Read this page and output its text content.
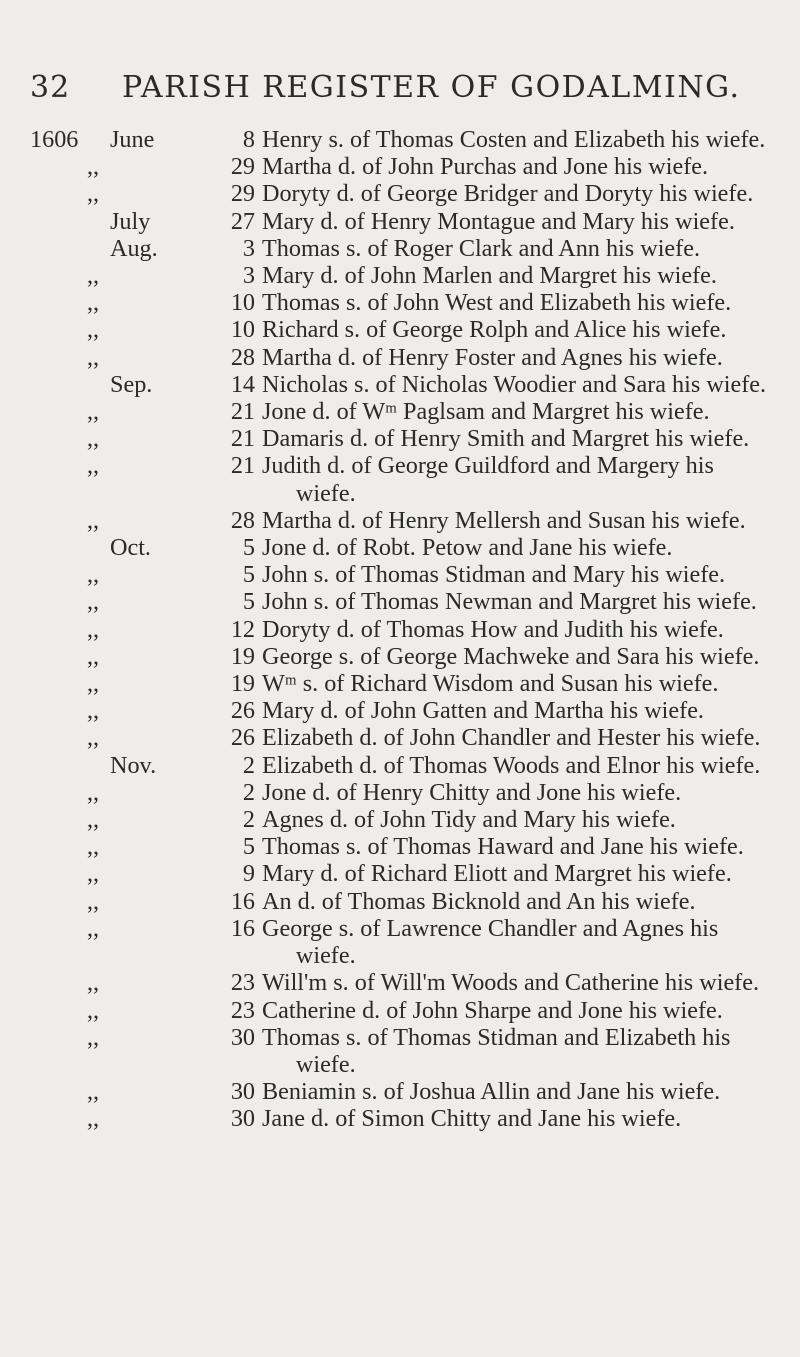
32 PARISH REGISTER OF GODALMING.
1606 June	8 Henry s. of Thomas Costen and Elizabeth his wiefe.
,,	29 Martha d. of John Purchas and Jone his wiefe.
,,	29 Doryty d. of George Bridger and Doryty his wiefe.
July	27 Mary d. of Henry Montague and Mary his wiefe.
Aug.	3 Thomas s. of Roger Clark and Ann his wiefe.
,,	3 Mary d. of John Marlen and Margret his wiefe.
,,	10 Thomas s. of John West and Elizabeth his wiefe.
,,	10 Richard s. of George Rolph and Alice his wiefe.
,,	28 Martha d. of Henry Foster and Agnes his wiefe.
Sep.	14 Nicholas s. of Nicholas Woodier and Sara his wiefe.
,,	21 Jone d. of Wᵐ Paglsam and Margret his wiefe.
,,	21 Damaris d. of Henry Smith and Margret his wiefe.
,,	21 Judith d. of George Guildford and Margery his wiefe.
,,	28 Martha d. of Henry Mellersh and Susan his wiefe.
Oct.	5 Jone d. of Robt. Petow and Jane his wiefe.
,,	5 John s. of Thomas Stidman and Mary his wiefe.
,,	5 John s. of Thomas Newman and Margret his wiefe.
,,	12 Doryty d. of Thomas How and Judith his wiefe.
,,	19 George s. of George Machweke and Sara his wiefe.
,,	19 Wᵐ s. of Richard Wisdom and Susan his wiefe.
,,	26 Mary d. of John Gatten and Martha his wiefe.
,,	26 Elizabeth d. of John Chandler and Hester his wiefe.
Nov.	2 Elizabeth d. of Thomas Woods and Elnor his wiefe.
,,	2 Jone d. of Henry Chitty and Jone his wiefe.
,,	2 Agnes d. of John Tidy and Mary his wiefe.
,,	5 Thomas s. of Thomas Haward and Jane his wiefe.
,,	9 Mary d. of Richard Eliott and Margret his wiefe.
,,	16 An d. of Thomas Bicknold and An his wiefe.
,,	16 George s. of Lawrence Chandler and Agnes his wiefe.
,,	23 Will'm s. of Will'm Woods and Catherine his wiefe.
,,	23 Catherine d. of John Sharpe and Jone his wiefe.
,,	30 Thomas s. of Thomas Stidman and Elizabeth his wiefe.
,,	30 Beniamin s. of Joshua Allin and Jane his wiefe.
,,	30 Jane d. of Simon Chitty and Jane his wiefe.
